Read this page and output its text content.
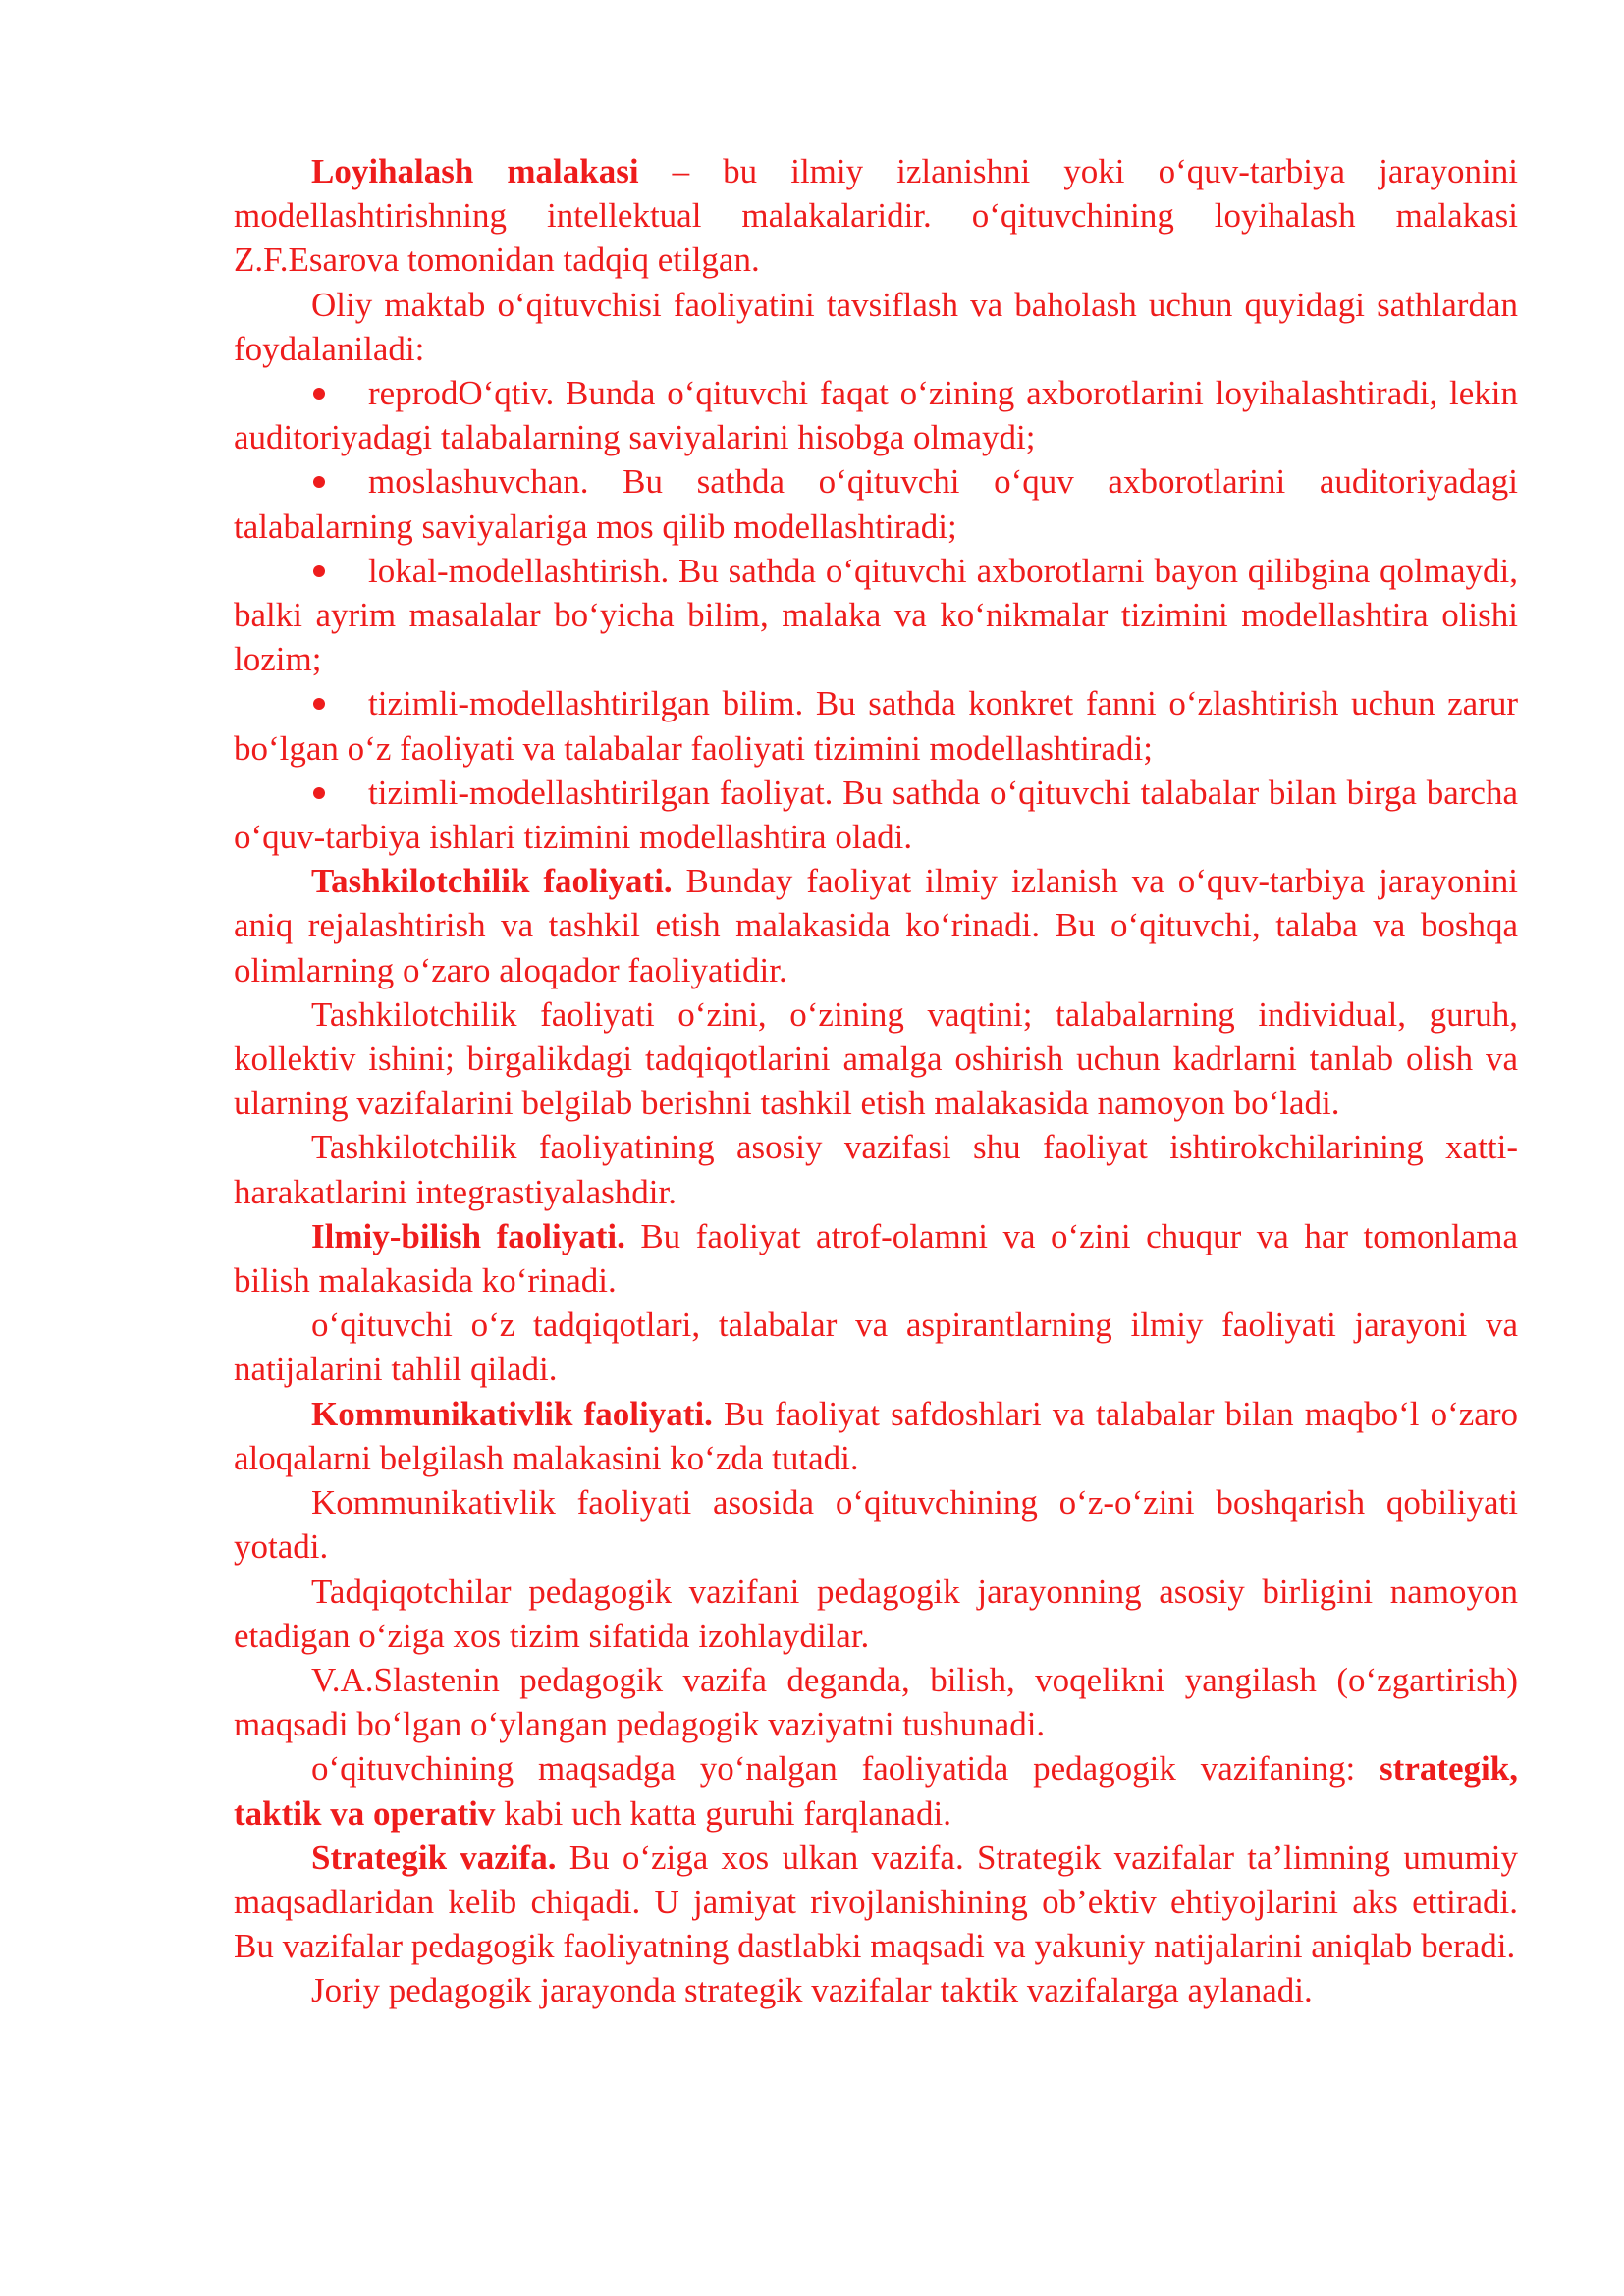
Loyihalash malakasi – bu ilmiy izlanishni yoki o‘quv-tarbiya jarayonini modellashtirishning intellektual malakalaridir. o‘qituvchining loyihalash malakasi Z.F.Esarova tomonidan tadqiq etilgan.

Oliy maktab o‘qituvchisi faoliyatini tavsiflash va baholash uchun quyidagi sathlardan foydalaniladi:

reprodO‘qtiv. Bunda o‘qituvchi faqat o‘zining axborotlarini loyihalashtiradi, lekin auditoriyadagi talabalarning saviyalarini hisobga olmaydi;

moslashuvchan. Bu sathda o‘qituvchi o‘quv axborotlarini auditoriyadagi talabalarning saviyalariga mos qilib modellashtiradi;

lokal-modellashtirish. Bu sathda o‘qituvchi axborotlarni bayon qilibgina qolmaydi, balki ayrim masalalar bo‘yicha bilim, malaka va ko‘nikmalar tizimini modellashtira olishi lozim;

tizimli-modellashtirilgan bilim. Bu sathda konkret fanni o‘zlashtirish uchun zarur bo‘lgan o‘z faoliyati va talabalar faoliyati tizimini modellashtiradi;

tizimli-modellashtirilgan faoliyat. Bu sathda o‘qituvchi talabalar bilan birga barcha o‘quv-tarbiya ishlari tizimini modellashtira oladi.

Tashkilotchilik faoliyati. Bunday faoliyat ilmiy izlanish va o‘quv-tarbiya jarayonini aniq rejalashtirish va tashkil etish malakasida ko‘rinadi. Bu o‘qituvchi, talaba va boshqa olimlarning o‘zaro aloqador faoliyatidir.

Tashkilotchilik faoliyati o‘zini, o‘zining vaqtini; talabalarning individual, guruh, kollektiv ishini; birgalikdagi tadqiqotlarini amalga oshirish uchun kadrlarni tanlab olish va ularning vazifalarini belgilab berishni tashkil etish malakasida namoyon bo‘ladi.

Tashkilotchilik faoliyatining asosiy vazifasi shu faoliyat ishtirokchilarining xatti-harakatlarini integrastiyalashdir.

Ilmiy-bilish faoliyati. Bu faoliyat atrof-olamni va o‘zini chuqur va har tomonlama bilish malakasida ko‘rinadi.

o‘qituvchi o‘z tadqiqotlari, talabalar va aspirantlarning ilmiy faoliyati jarayoni va natijalarini tahlil qiladi.

Kommunikativlik faoliyati. Bu faoliyat safdoshlari va talabalar bilan maqbo‘l o‘zaro aloqalarni belgilash malakasini ko‘zda tutadi.

Kommunikativlik faoliyati asosida o‘qituvchining o‘z-o‘zini boshqarish qobiliyati yotadi.

Tadqiqotchilar pedagogik vazifani pedagogik jarayonning asosiy birligini namoyon etadigan o‘ziga xos tizim sifatida izohlaydilar.

V.A.Slastenin pedagogik vazifa deganda, bilish, voqelikni yangilash (o‘zgartirish) maqsadi bo‘lgan o‘ylangan pedagogik vaziyatni tushunadi.

o‘qituvchining maqsadga yo‘nalgan faoliyatida pedagogik vazifaning: strategik, taktik va operativ kabi uch katta guruhi farqlanadi.

Strategik vazifa. Bu o‘ziga xos ulkan vazifa. Strategik vazifalar ta’limning umumiy maqsadlaridan kelib chiqadi. U jamiyat rivojlanishining ob’ektiv ehtiyojlarini aks ettiradi. Bu vazifalar pedagogik faoliyatning dastlabki maqsadi va yakuniy natijalarini aniqlab beradi.

Joriy pedagogik jarayonda strategik vazifalar taktik vazifalarga aylanadi.
